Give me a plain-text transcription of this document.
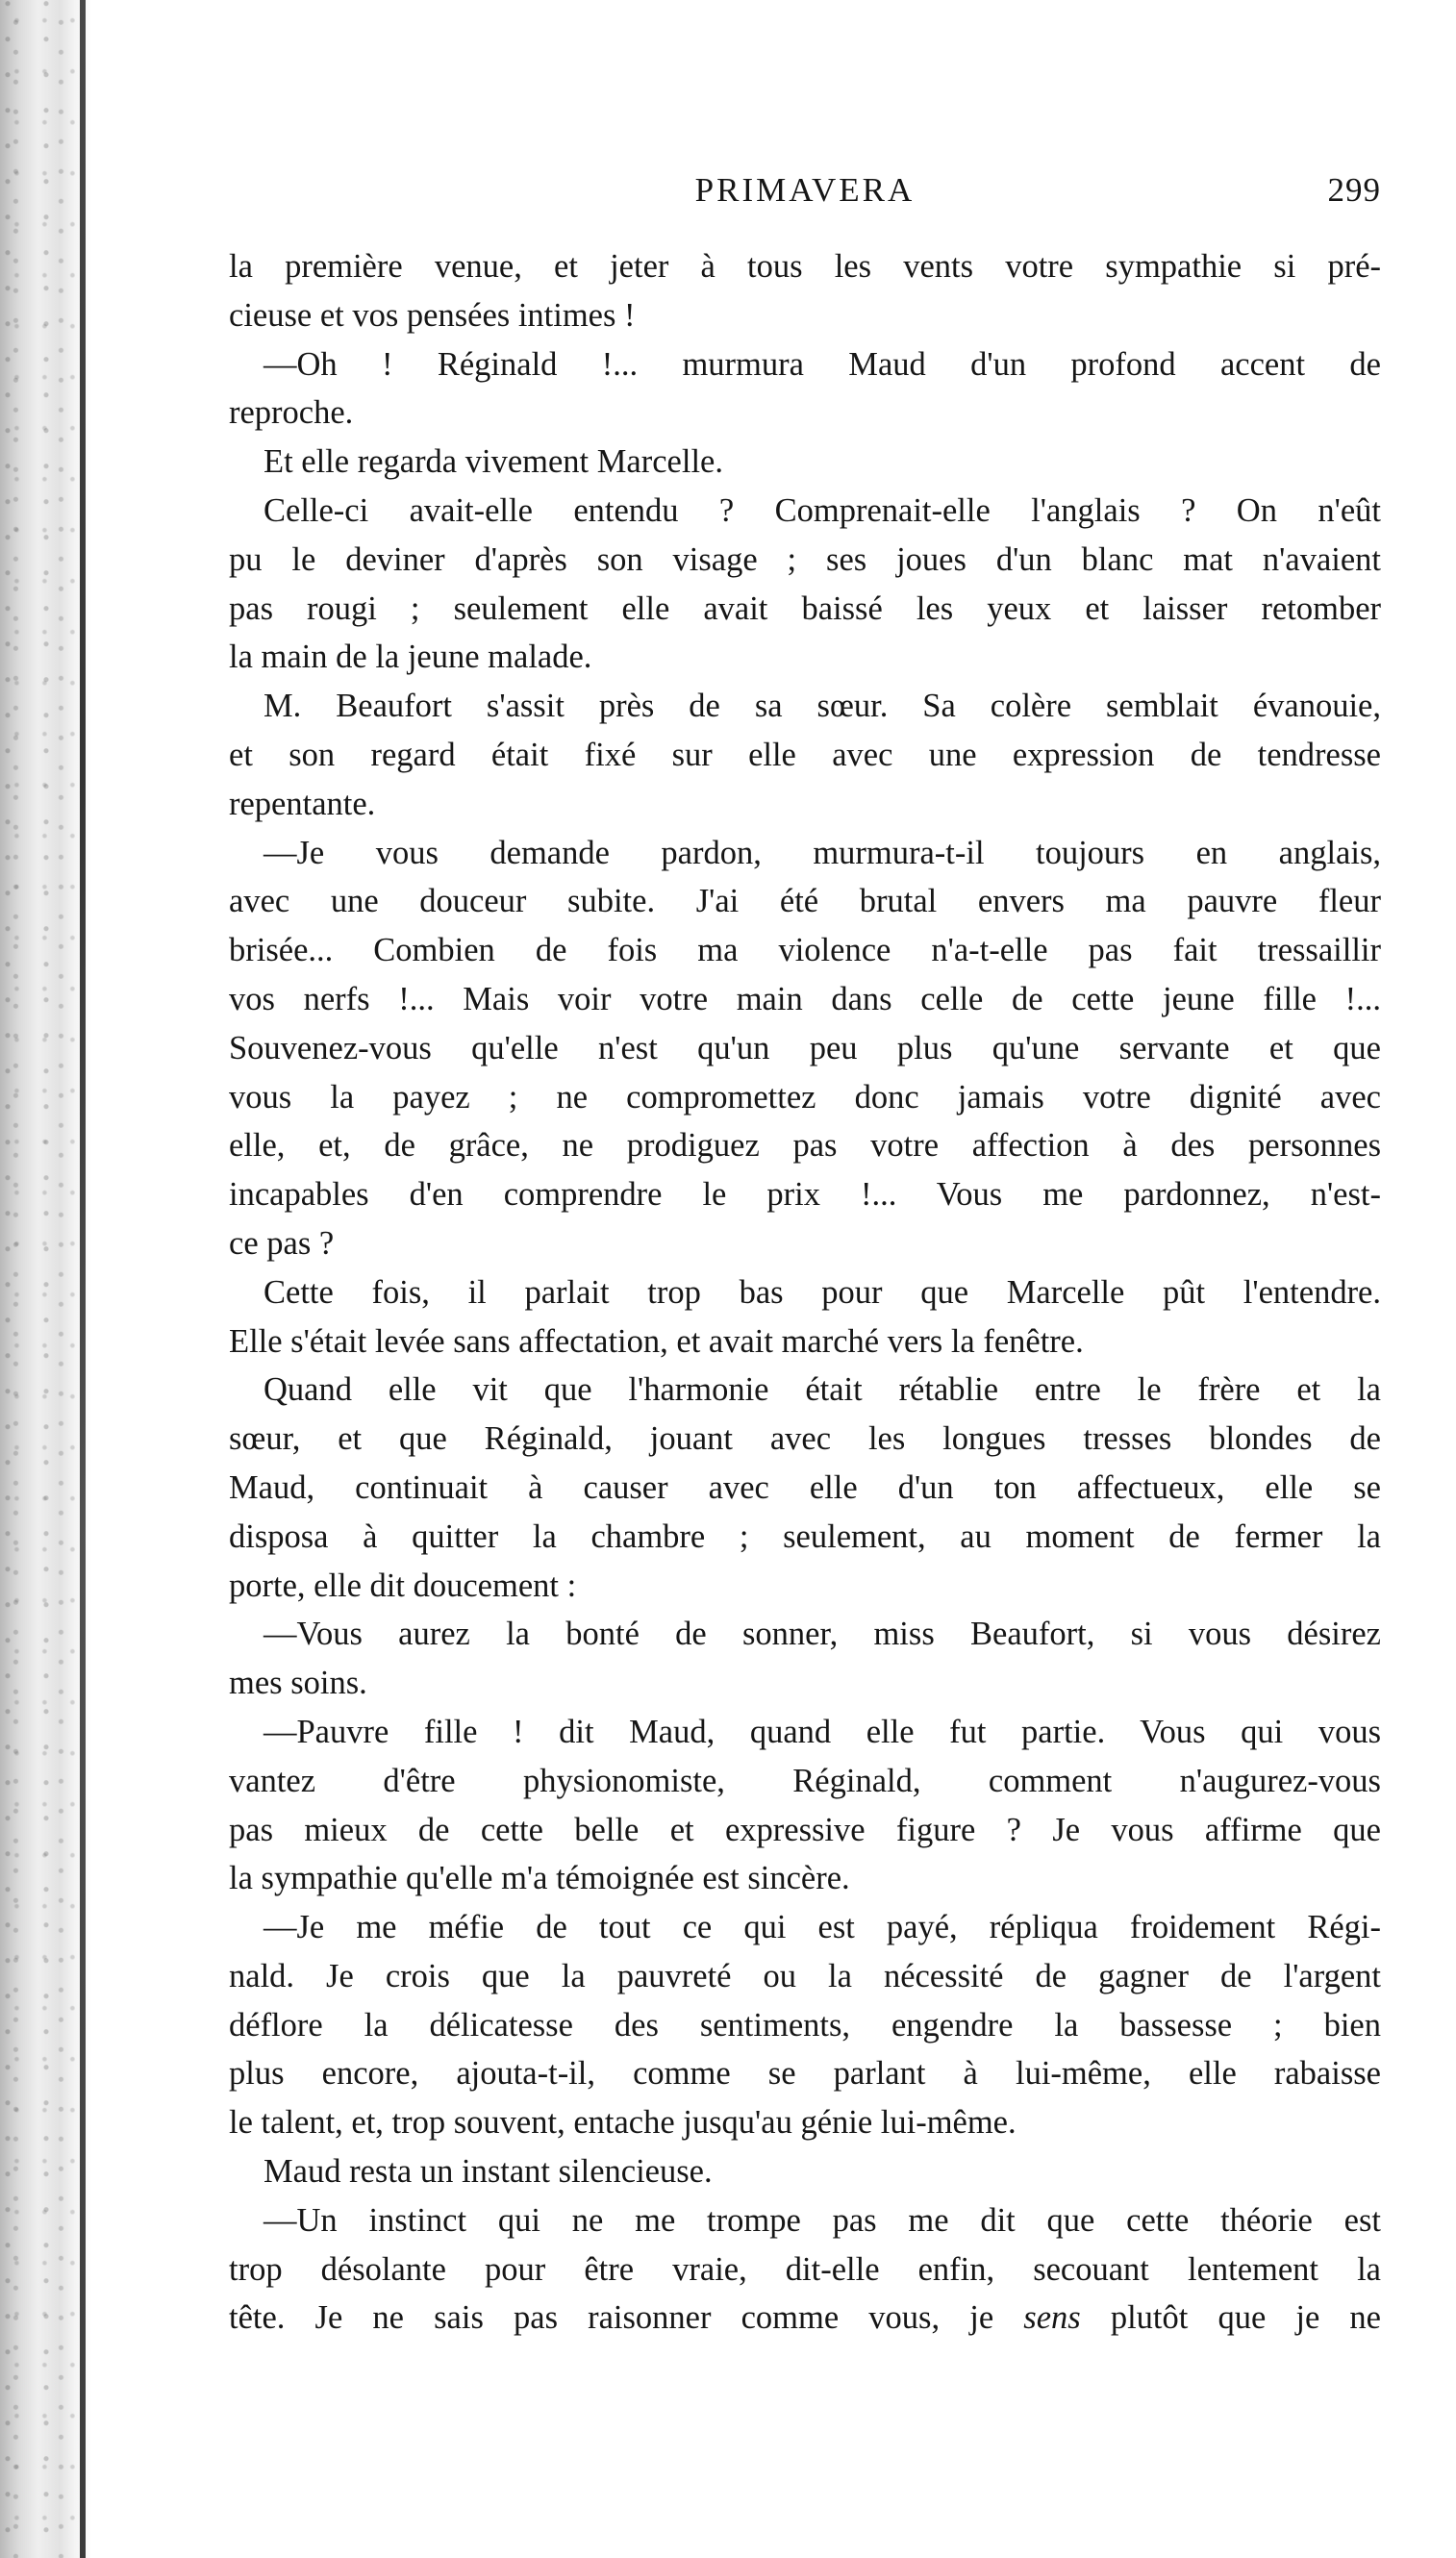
PRIMAVERA	299
la première venue, et jeter à tous les vents votre sympathie si pré-
cieuse et vos pensées intimes !
—Oh ! Réginald !... murmura Maud d'un profond accent de
reproche.
Et elle regarda vivement Marcelle.
Celle-ci avait-elle entendu ? Comprenait-elle l'anglais ? On n'eût
pu le deviner d'après son visage ; ses joues d'un blanc mat n'avaient
pas rougi ; seulement elle avait baissé les yeux et laisser retomber
la main de la jeune malade.
M. Beaufort s'assit près de sa sœur. Sa colère semblait évanouie,
et son regard était fixé sur elle avec une expression de tendresse
repentante.
—Je vous demande pardon, murmura-t-il toujours en anglais,
avec une douceur subite. J'ai été brutal envers ma pauvre fleur
brisée... Combien de fois ma violence n'a-t-elle pas fait tressaillir
vos nerfs !... Mais voir votre main dans celle de cette jeune fille !...
Souvenez-vous qu'elle n'est qu'un peu plus qu'une servante et que
vous la payez ; ne compromettez donc jamais votre dignité avec
elle, et, de grâce, ne prodiguez pas votre affection à des personnes
incapables d'en comprendre le prix !... Vous me pardonnez, n'est-
ce pas ?
Cette fois, il parlait trop bas pour que Marcelle pût l'entendre.
Elle s'était levée sans affectation, et avait marché vers la fenêtre.
Quand elle vit que l'harmonie était rétablie entre le frère et la
sœur, et que Réginald, jouant avec les longues tresses blondes de
Maud, continuait à causer avec elle d'un ton affectueux, elle se
disposa à quitter la chambre ; seulement, au moment de fermer la
porte, elle dit doucement :
—Vous aurez la bonté de sonner, miss Beaufort, si vous désirez
mes soins.
—Pauvre fille ! dit Maud, quand elle fut partie. Vous qui vous
vantez d'être physionomiste, Réginald, comment n'augurez-vous
pas mieux de cette belle et expressive figure ? Je vous affirme que
la sympathie qu'elle m'a témoignée est sincère.
—Je me méfie de tout ce qui est payé, répliqua froidement Régi-
nald. Je crois que la pauvreté ou la nécessité de gagner de l'argent
déflore la délicatesse des sentiments, engendre la bassesse ; bien
plus encore, ajouta-t-il, comme se parlant à lui-même, elle rabaisse
le talent, et, trop souvent, entache jusqu'au génie lui-même.
Maud resta un instant silencieuse.
—Un instinct qui ne me trompe pas me dit que cette théorie est
trop désolante pour être vraie, dit-elle enfin, secouant lentement la
tête. Je ne sais pas raisonner comme vous, je sens plutôt que je ne
